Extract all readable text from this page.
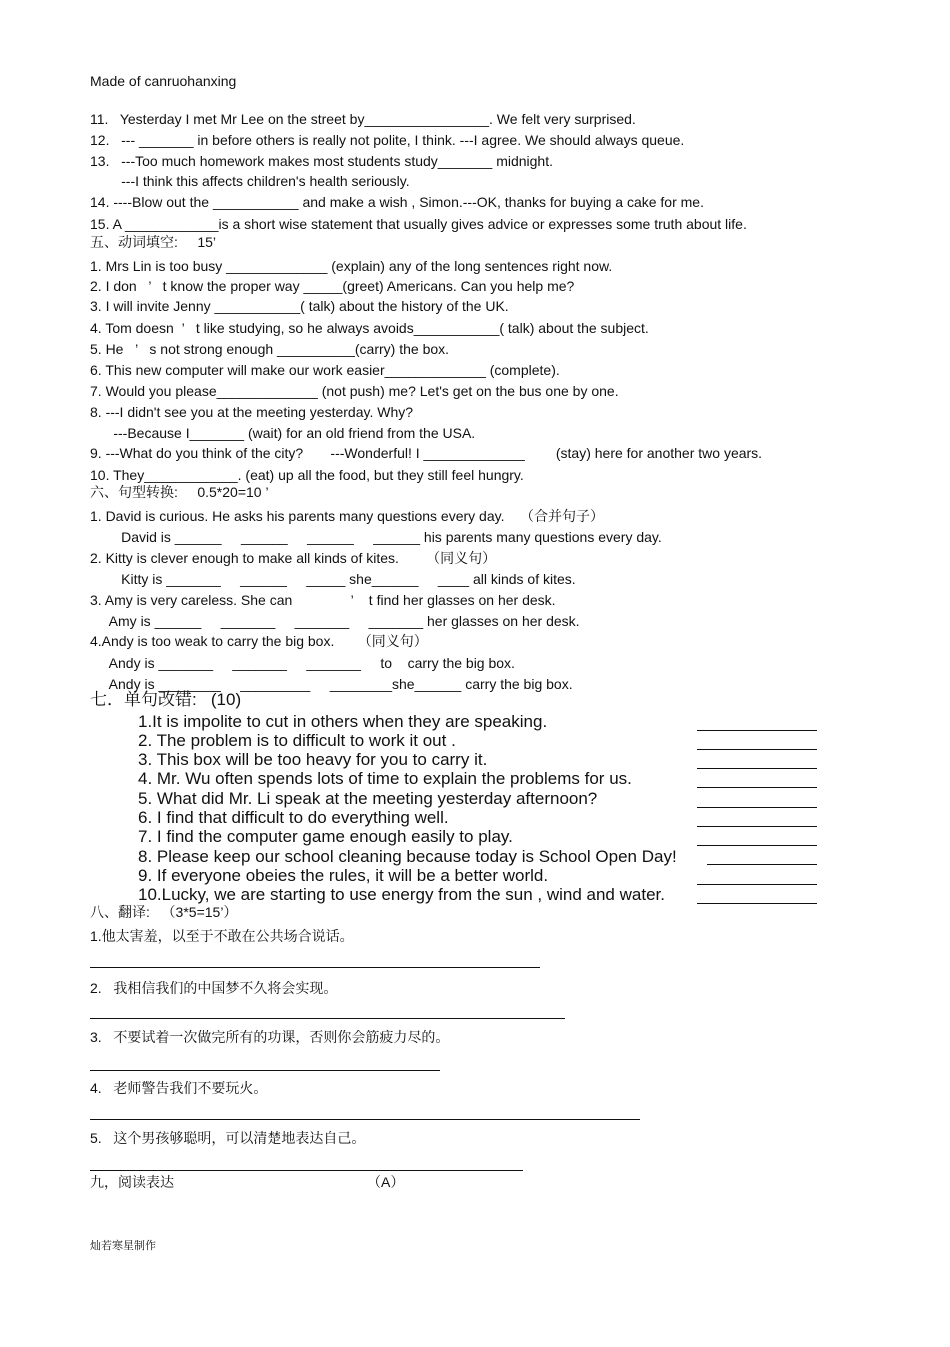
Made of canruohanxing
11.   Yesterday I met Mr Lee on the street by________________. We felt very surprised.
12.   --- _______ in before others is really not polite, I think. ---I agree. We should always queue.
13.   ---Too much homework makes most students study_______ midnight.
---I think this affects children's health seriously.
14. ----Blow out the ___________ and make a wish , Simon.---OK, thanks for buying a cake for me.
15. A ____________is a short wise statement that usually gives advice or expresses some truth about life.
五、动词填空:     15’
1. Mrs Lin is too busy _____________ (explain) any of the long sentences right now.
2. I don   ’   t know the proper way _____(greet) Americans. Can you help me?
3. I will invite Jenny ___________( talk) about the history of the UK.
4. Tom doesn  ’   t like studying, so he always avoids___________( talk) about the subject.
5. He   ’   s not strong enough __________(carry) the box.
6. This new computer will make our work easier_____________ (complete).
7. Would you please_____________ (not push) me? Let's get on the bus one by one.
8. ---I didn't see you at the meeting yesterday. Why?
---Because I_______ (wait) for an old friend from the USA.
9. ---What do you think of the city?       ---Wonderful! I _____________        (stay) here for another two years.
10. They____________. (eat) up all the food, but they still feel hungry.
六、句型转换:     0.5*20=10 ’
1. David is curious. He asks his parents many questions every day.    （合并句子）
David is ______     ______     ______     ______ his parents many questions every day.
2. Kitty is clever enough to make all kinds of kites.       （同义句）
Kitty is _______     ______     _____ she______     ____ all kinds of kites.
3. Amy is very careless. She can               ’    t find her glasses on her desk.
Amy is ______     _______     _______     _______ her glasses on her desk.
4.Andy is too weak to carry the big box.      （同义句）
Andy is _______     _______     _______     to    carry the big box.
Andy is ________     _________     ________she______ carry the big box.
七．单句改错:   (10)
1.It is impolite to cut in others when they are speaking.
2. The problem is to difficult to work it out .
3. This box will be too heavy for you to carry it.
4. Mr. Wu often spends lots of time to explain the problems for us.
5. What did Mr. Li speak at the meeting yesterday afternoon?
6. I find that difficult to do everything well.
7. I find the computer game enough easily to play.
8. Please keep our school cleaning because today is School Open Day!
9. If everyone obeies the rules, it will be a better world.
10.Lucky, we are starting to use energy from the sun , wind and water.
八、翻译:   （3*5=15’）
1.他太害羞，以至于不敢在公共场合说话。
2.   我相信我们的中国梦不久将会实现。
3.   不要试着一次做完所有的功课，否则你会筋疲力尽的。
4.   老师警告我们不要玩火。
5.   这个男孩够聪明，可以清楚地表达自己。
九，阅读表达	（A）
灿若寒星制作
